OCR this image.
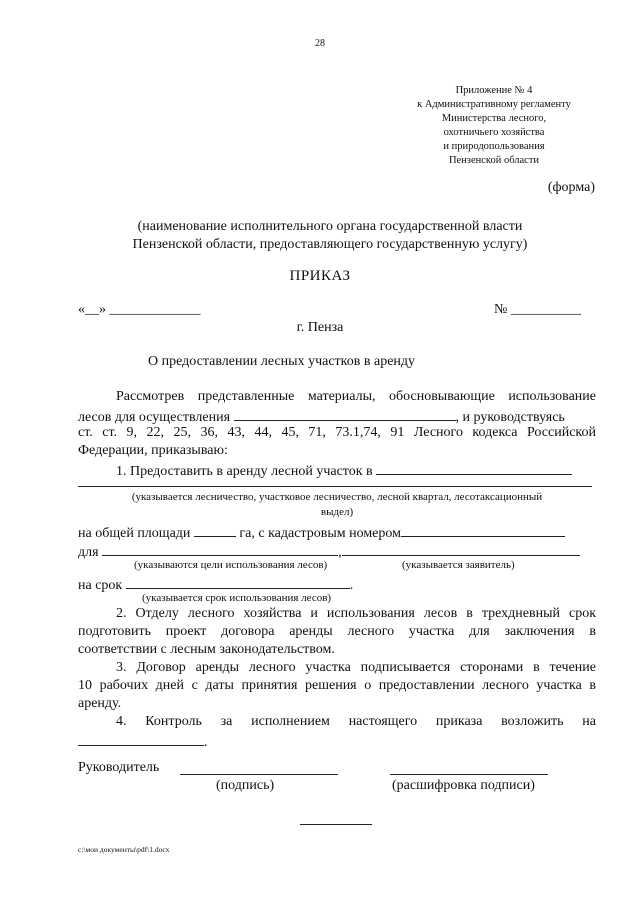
28
Приложение № 4
к Административному регламенту
Министерства лесного,
охотничьего хозяйства
и природопользования
Пензенской области
(форма)
(наименование исполнительного органа государственной власти
Пензенской области, предоставляющего государственную услугу)
ПРИКАЗ
«__» _____________	№ __________
г. Пенза
О предоставлении лесных участков в аренду
Рассмотрев представленные материалы, обосновывающие использование
лесов для осуществления	, и руководствуясь
ст. ст. 9, 22, 25, 36, 43, 44, 45, 71, 73.1,74, 91 Лесного кодекса Российской
Федерации, приказываю:
1. Предоставить в аренду лесной участок в
(указывается лесничество, участковое лесничество, лесной квартал, лесотаксационный
выдел)
на общей площади	га, с кадастровым номером
для	,
(указываются цели использования лесов)	(указывается заявитель)
на срок	.
(указывается срок использования лесов)
2. Отделу лесного хозяйства и использования лесов в трехдневный срок
подготовить проект договора аренды лесного участка для заключения в
соответствии с лесным законодательством.
3. Договор аренды лесного участка подписывается сторонами в течение
10 рабочих дней с даты принятия решения о предоставлении лесного участка в
аренду.
4. Контроль за исполнением настоящего приказа возложить на
.
Руководитель
(подпись)	(расшифровка подписи)
c:\мои документы\pdf\1.docx
